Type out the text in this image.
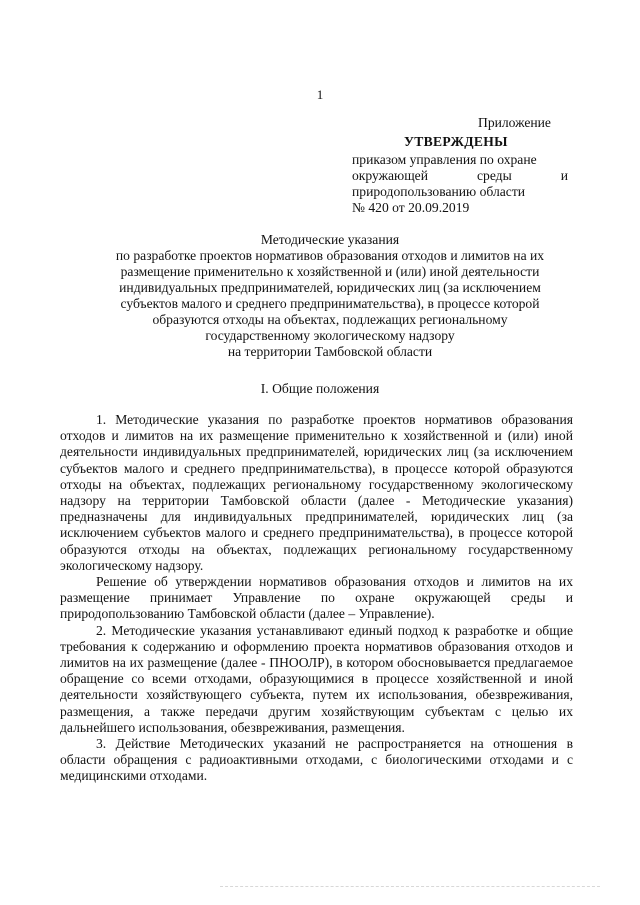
1
Приложение
УТВЕРЖДЕНЫ
приказом управления по охране
окружающей        среды        и
природопользованию области
№ 420 от 20.09.2019
Методические указания
по разработке проектов нормативов образования отходов и лимитов на их
размещение применительно к хозяйственной и (или) иной деятельности
индивидуальных предпринимателей, юридических лиц (за исключением
субъектов малого и среднего предпринимательства), в процессе которой
образуются отходы на объектах, подлежащих региональному
государственному экологическому надзору
на территории Тамбовской области
I. Общие положения

1. Методические указания по разработке проектов нормативов образования отходов и лимитов на их размещение применительно к хозяйственной и (или) иной деятельности индивидуальных предпринимателей, юридических лиц (за исключением субъектов малого и среднего предпринимательства), в процессе которой образуются отходы на объектах, подлежащих региональному государственному экологическому надзору на территории Тамбовской области (далее - Методические указания) предназначены для индивидуальных предпринимателей, юридических лиц (за исключением субъектов малого и среднего предпринимательства), в процессе которой образуются отходы на объектах, подлежащих региональному государственному экологическому надзору.

Решение об утверждении нормативов образования отходов и лимитов на их размещение принимает Управление по охране окружающей среды и природопользованию Тамбовской области (далее – Управление).

2. Методические указания устанавливают единый подход к разработке и общие требования к содержанию и оформлению проекта нормативов образования отходов и лимитов на их размещение (далее - ПНООЛР), в котором обосновывается предлагаемое обращение со всеми отходами, образующимися в процессе хозяйственной и иной деятельности хозяйствующего субъекта, путем их использования, обезвреживания, размещения, а также передачи другим хозяйствующим субъектам с целью их дальнейшего использования, обезвреживания, размещения.

3. Действие Методических указаний не распространяется на отношения в области обращения с радиоактивными отходами, с биологическими отходами и с медицинскими отходами.
